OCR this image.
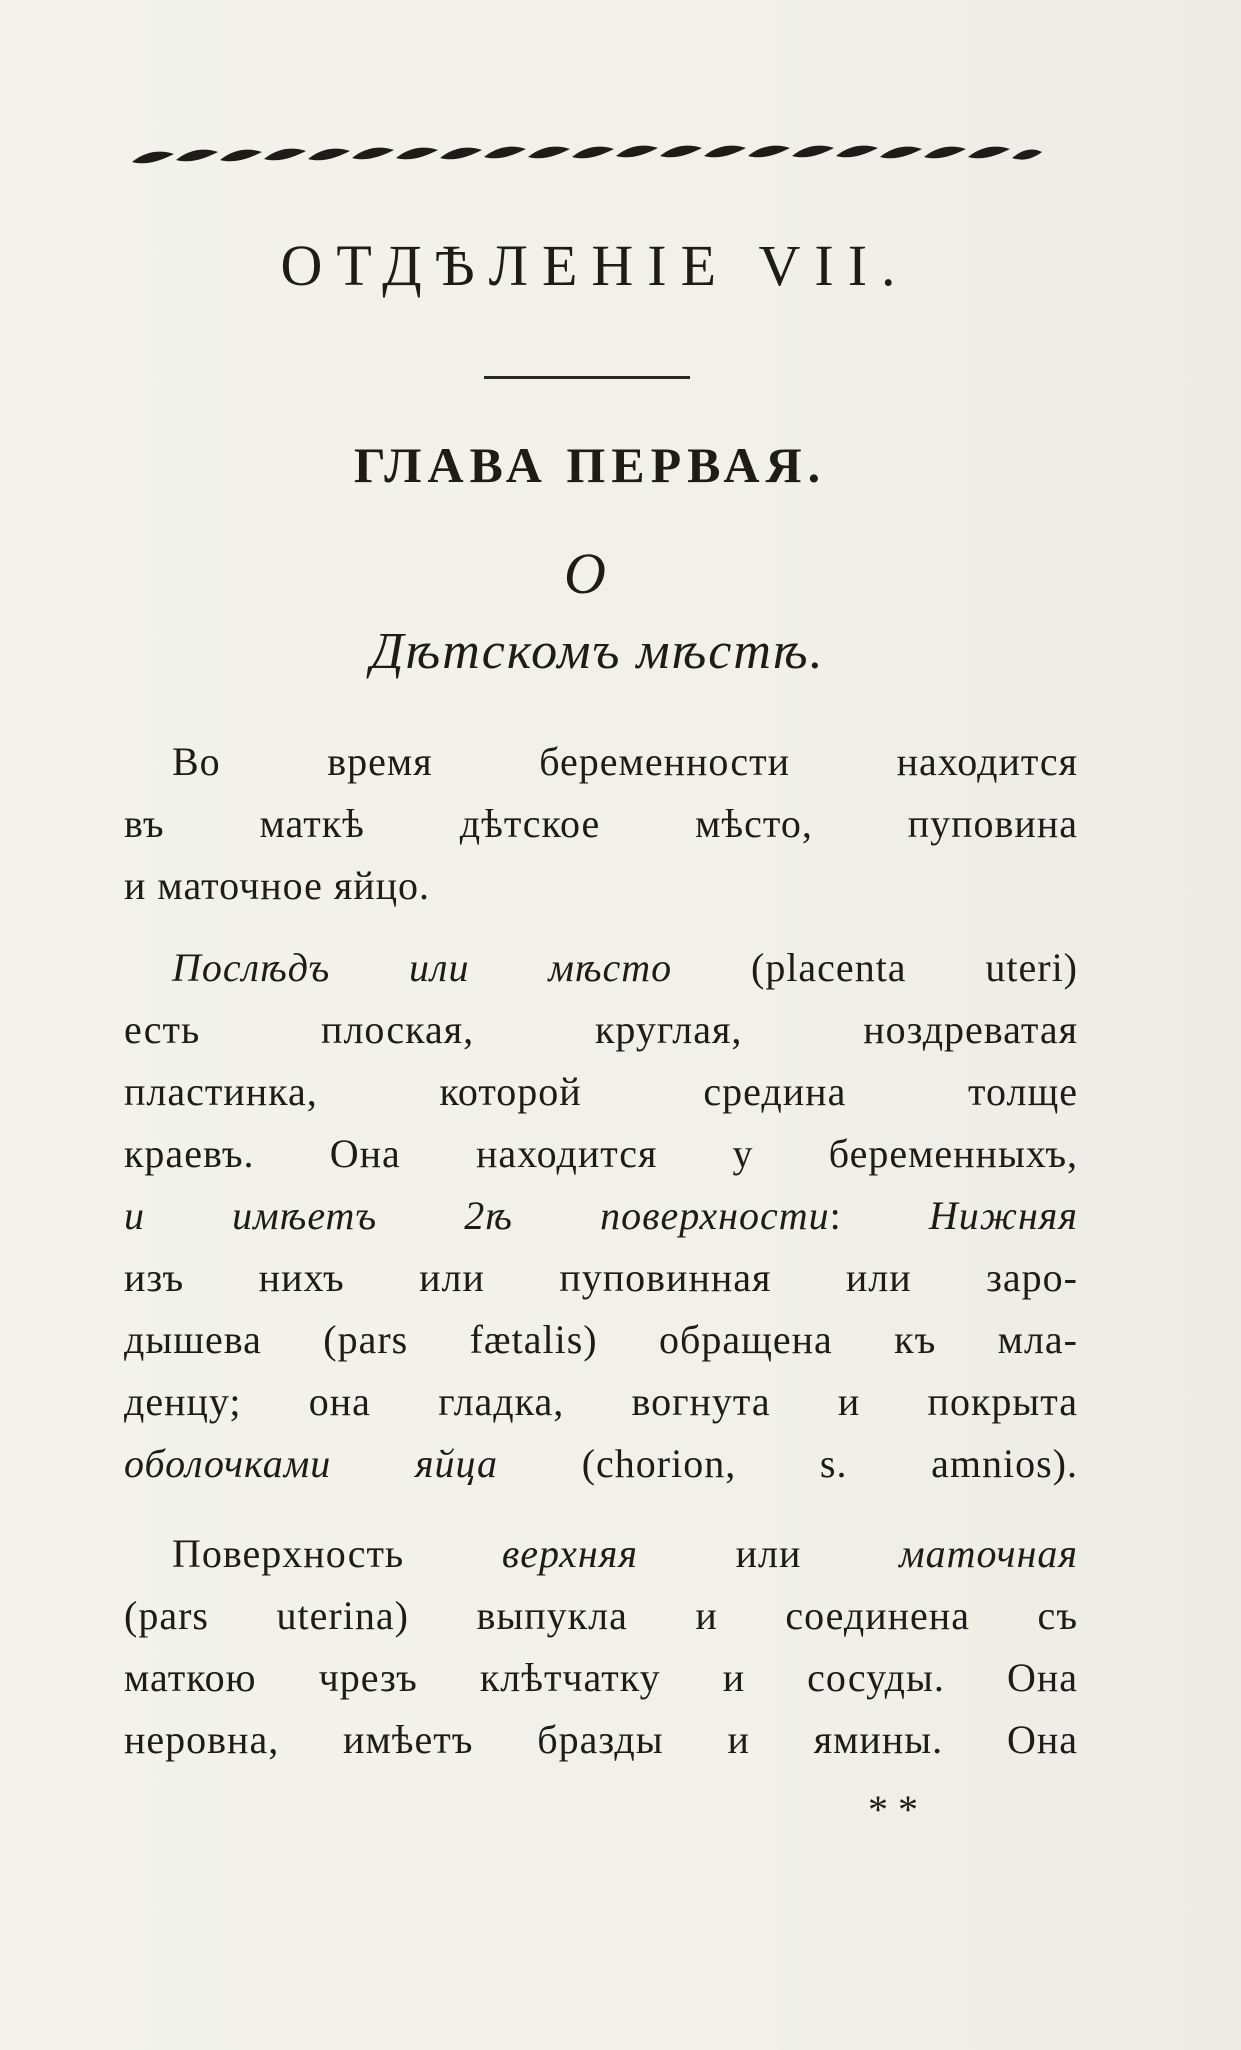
ОТДѢЛЕНІЕ VII.
ГЛАВА ПЕРВАЯ.
О
Дѣтскомъ мѣстѣ.
Во время беременности находится
въ маткѣ дѣтское мѣсто, пуповина
и маточное яйцо.
Послѣдъ или мѣсто (placenta uteri)
есть плоская, круглая, ноздреватая
пластинка, которой средина толще
краевъ. Она находится у беременныхъ,
и имѣетъ 2ѣ поверхности: Нижняя
изъ нихъ или пуповинная или заро-
дышева (pars fætalis) обращена къ мла-
денцу; она гладка, вогнута и покрыта
оболочками яйца (chorion, s. amnios).
Поверхность верхняя или маточная
(pars uterina) выпукла и соединена съ
маткою чрезъ клѣтчатку и сосуды. Она
неровна, имѣетъ бразды и ямины. Она
**
